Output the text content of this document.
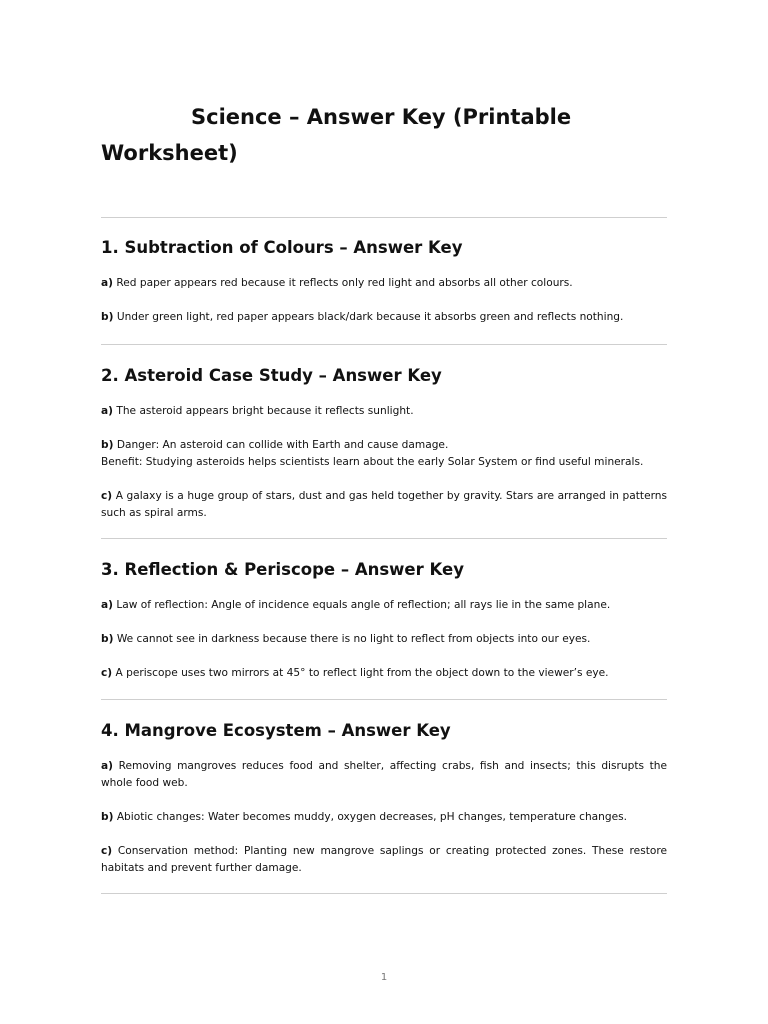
Science – Answer Key (Printable Worksheet)
1. Subtraction of Colours – Answer Key

a) Red paper appears red because it reflects only red light and absorbs all other colours.

b) Under green light, red paper appears black/dark because it absorbs green and reflects nothing.

2. Asteroid Case Study – Answer Key

a) The asteroid appears bright because it reflects sunlight.

b) Danger: An asteroid can collide with Earth and cause damage.
Benefit: Studying asteroids helps scientists learn about the early Solar System or find useful minerals.

c) A galaxy is a huge group of stars, dust and gas held together by gravity. Stars are arranged in patterns such as spiral arms.

3. Reflection & Periscope – Answer Key

a) Law of reflection: Angle of incidence equals angle of reflection; all rays lie in the same plane.

b) We cannot see in darkness because there is no light to reflect from objects into our eyes.

c) A periscope uses two mirrors at 45° to reflect light from the object down to the viewer’s eye.

4. Mangrove Ecosystem – Answer Key

a) Removing mangroves reduces food and shelter, affecting crabs, fish and insects; this disrupts the whole food web.

b) Abiotic changes: Water becomes muddy, oxygen decreases, pH changes, temperature changes.

c) Conservation method: Planting new mangrove saplings or creating protected zones. These restore habitats and prevent further damage.

1
